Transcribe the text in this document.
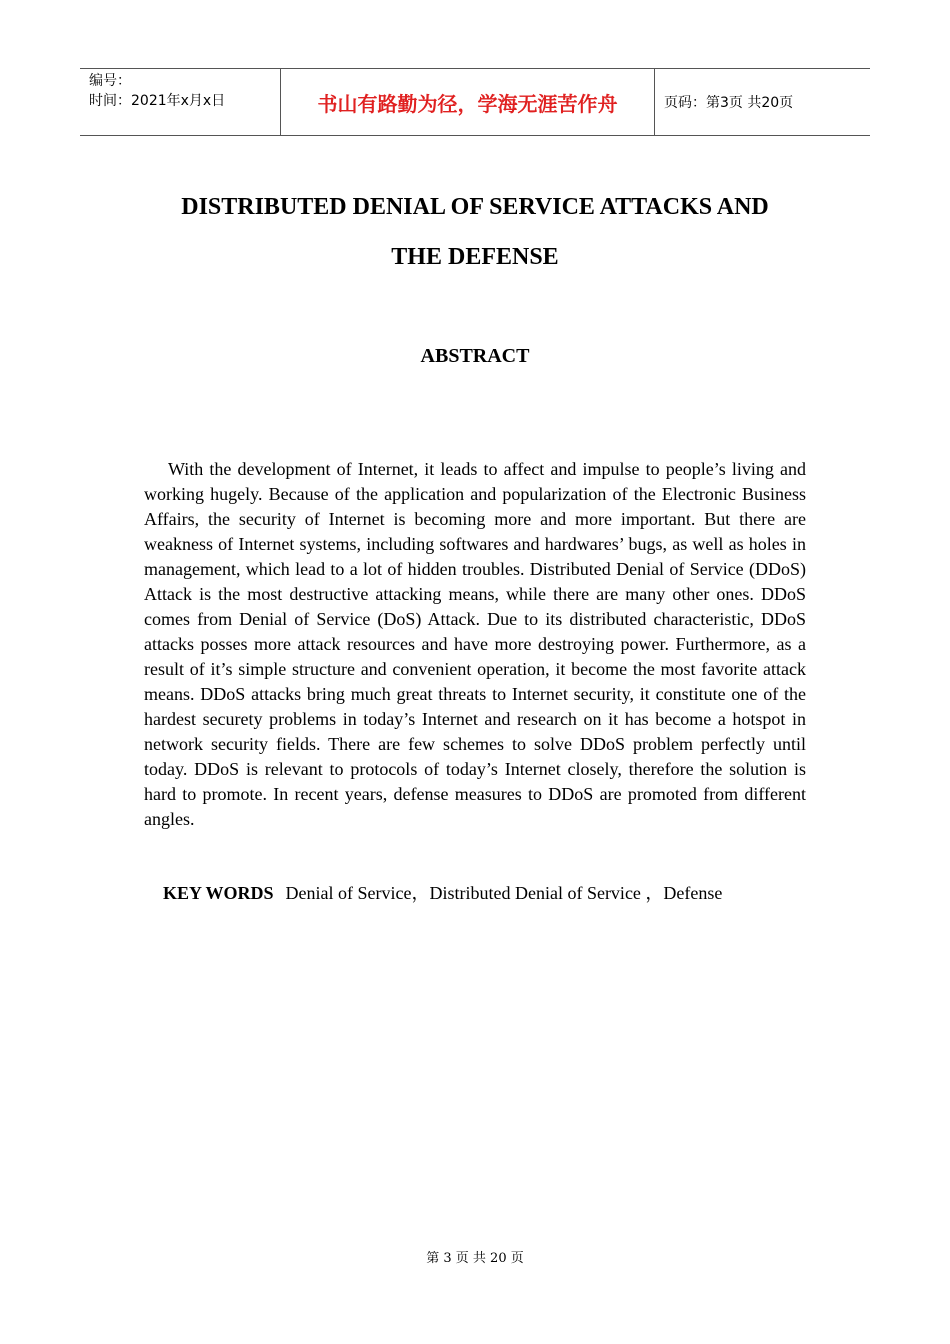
编号：
时间：2021年x月x日	书山有路勤为径，学海无涯苦作舟	页码：第3页 共20页
DISTRIBUTED DENIAL OF SERVICE ATTACKS AND
THE DEFENSE
ABSTRACT

With the development of Internet, it leads to affect and impulse to people’s living and working hugely. Because of the application and popularization of the Electronic Business Affairs, the security of Internet is becoming more and more important. But there are weakness of Internet systems, including softwares and hardwares’ bugs, as well as holes in management, which lead to a lot of hidden troubles. Distributed Denial of Service (DDoS) Attack is the most destructive attacking means, while there are many other ones. DDoS comes from Denial of Service (DoS) Attack. Due to its distributed characteristic, DDoS attacks posses more attack resources and have more destroying power. Furthermore, as a result of it’s simple structure and convenient operation, it become the most favorite attack means. DDoS attacks bring much great threats to Internet security, it constitute one of the hardest securety problems in today’s Internet and research on it has become a hotspot in network security fields. There are few schemes to solve DDoS problem perfectly until today. DDoS is relevant to protocols of today’s Internet closely, therefore the solution is hard to promote. In recent years, defense measures to DDoS are promoted from different angles.

KEY WORDS Denial of Service，Distributed Denial of Service ，Defense
第 3 页 共 20 页
